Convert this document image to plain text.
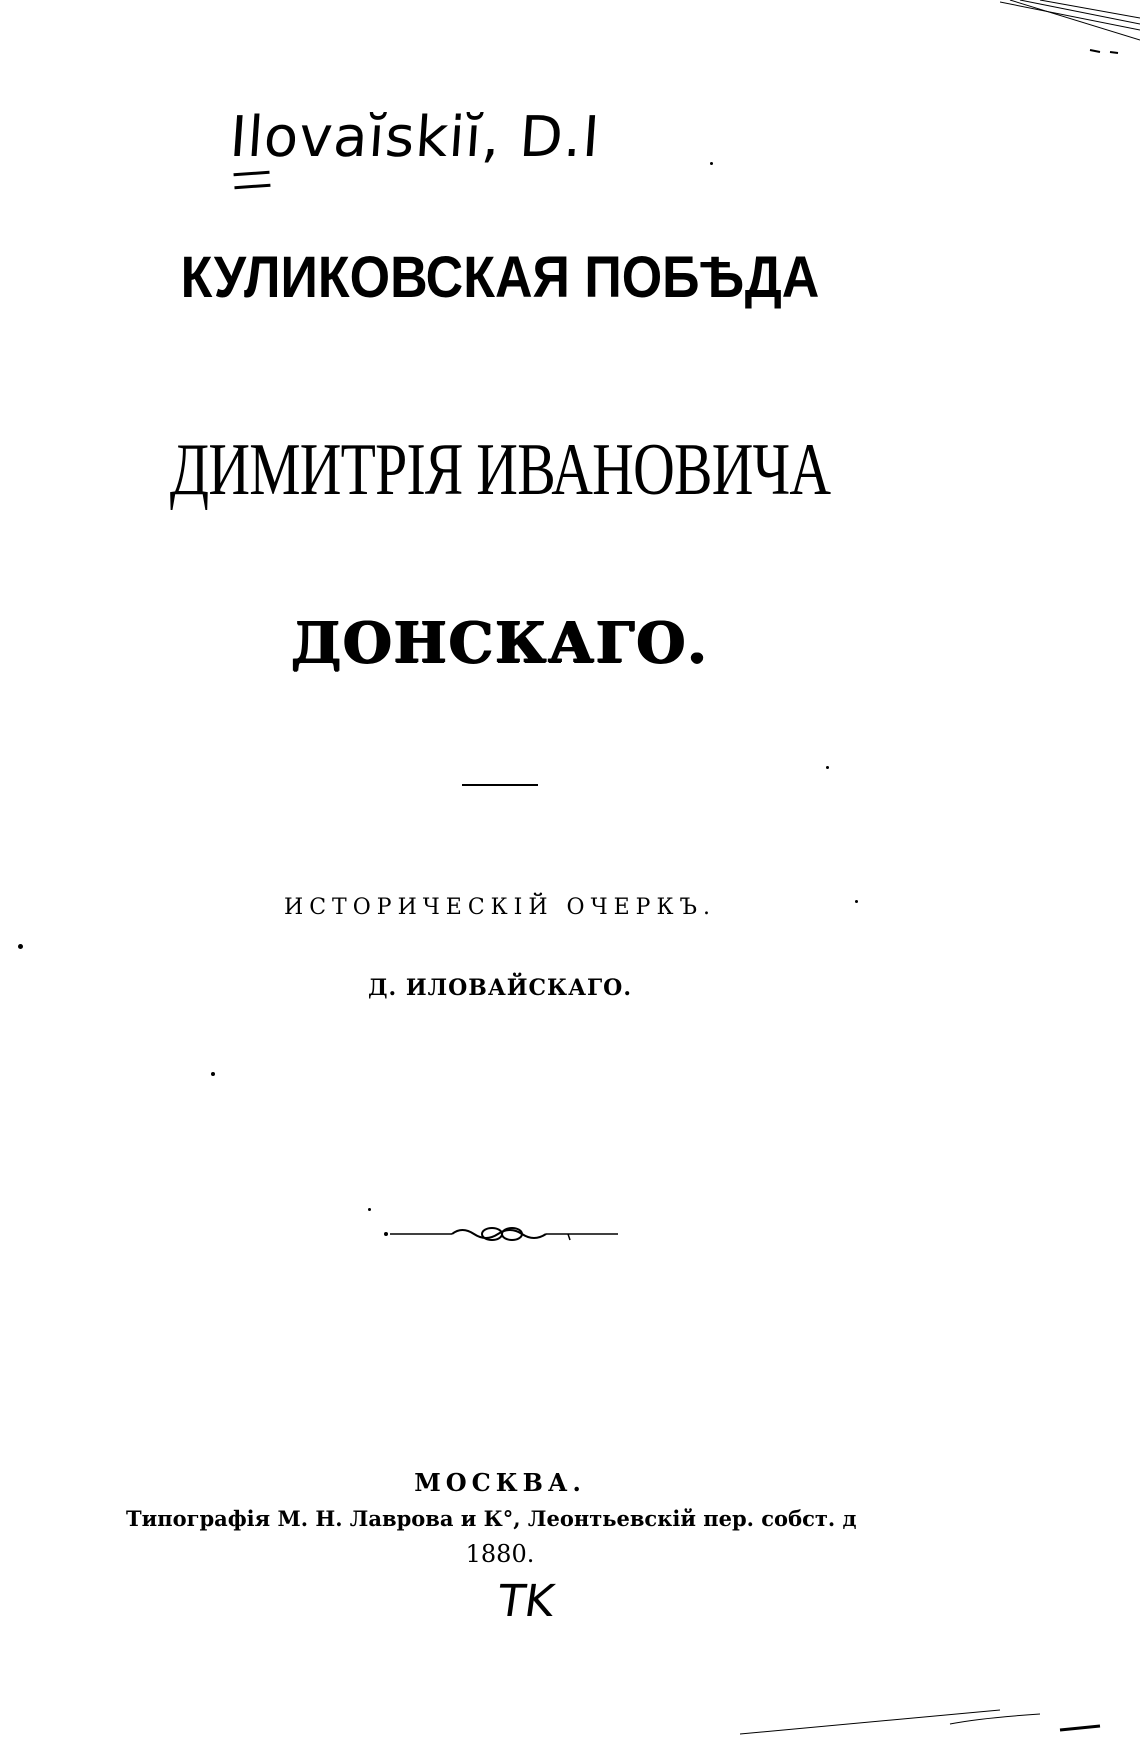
Ilovaĭskiĭ, D.I
КУЛИКОВСКАЯ ПОБѢДА
ДИМИТРІЯ ИВАНОВИЧА
ДОНСКАГО.
ИСТОРИЧЕСКІЙ ОЧЕРКЪ.
Д. ИЛОВАЙСКАГО.
МОСКВА.
Типографія М. Н. Лаврова и К°, Леонтьевскій пер. собст. д
1880.
TK
